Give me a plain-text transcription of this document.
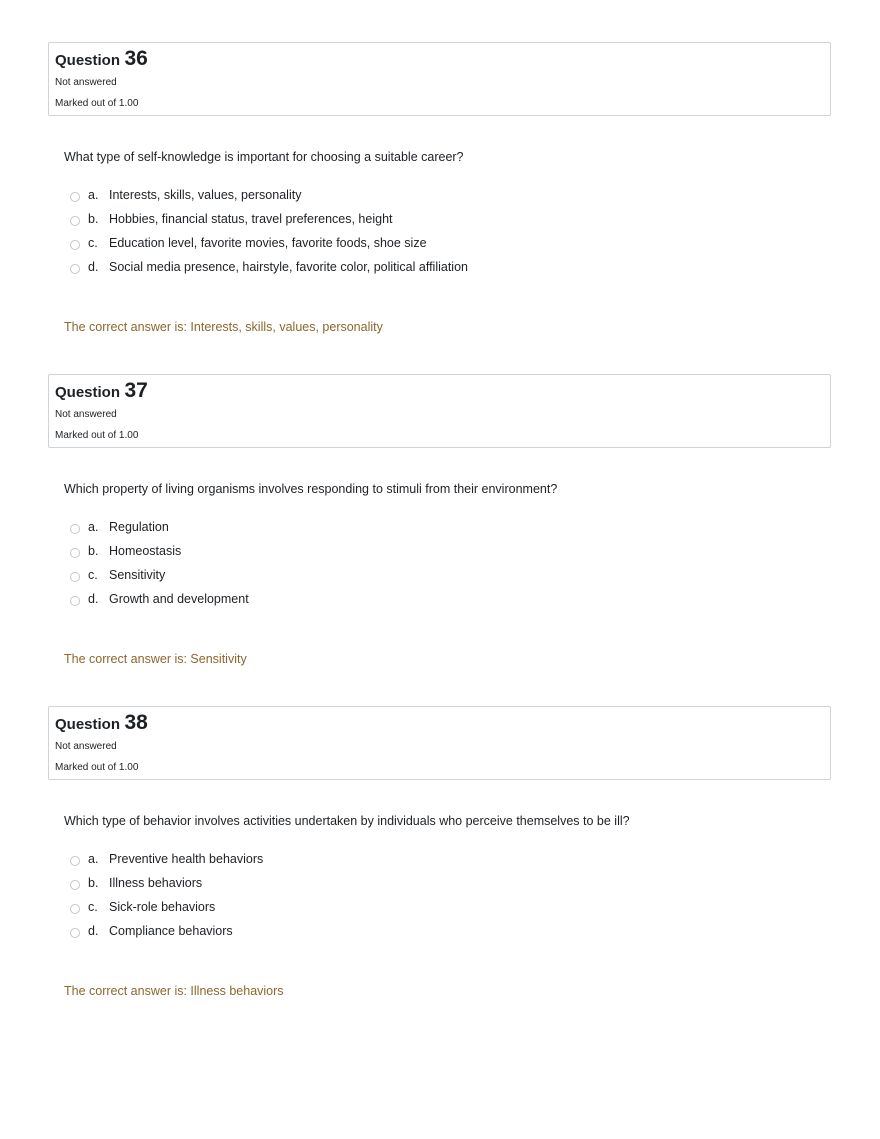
Question 36
Not answered
Marked out of 1.00
What type of self-knowledge is important for choosing a suitable career?
a. Interests, skills, values, personality
b. Hobbies, financial status, travel preferences, height
c. Education level, favorite movies, favorite foods, shoe size
d. Social media presence, hairstyle, favorite color, political affiliation
The correct answer is: Interests, skills, values, personality
Question 37
Not answered
Marked out of 1.00
Which property of living organisms involves responding to stimuli from their environment?
a. Regulation
b. Homeostasis
c. Sensitivity
d. Growth and development
The correct answer is: Sensitivity
Question 38
Not answered
Marked out of 1.00
Which type of behavior involves activities undertaken by individuals who perceive themselves to be ill?
a. Preventive health behaviors
b. Illness behaviors
c. Sick-role behaviors
d. Compliance behaviors
The correct answer is: Illness behaviors
